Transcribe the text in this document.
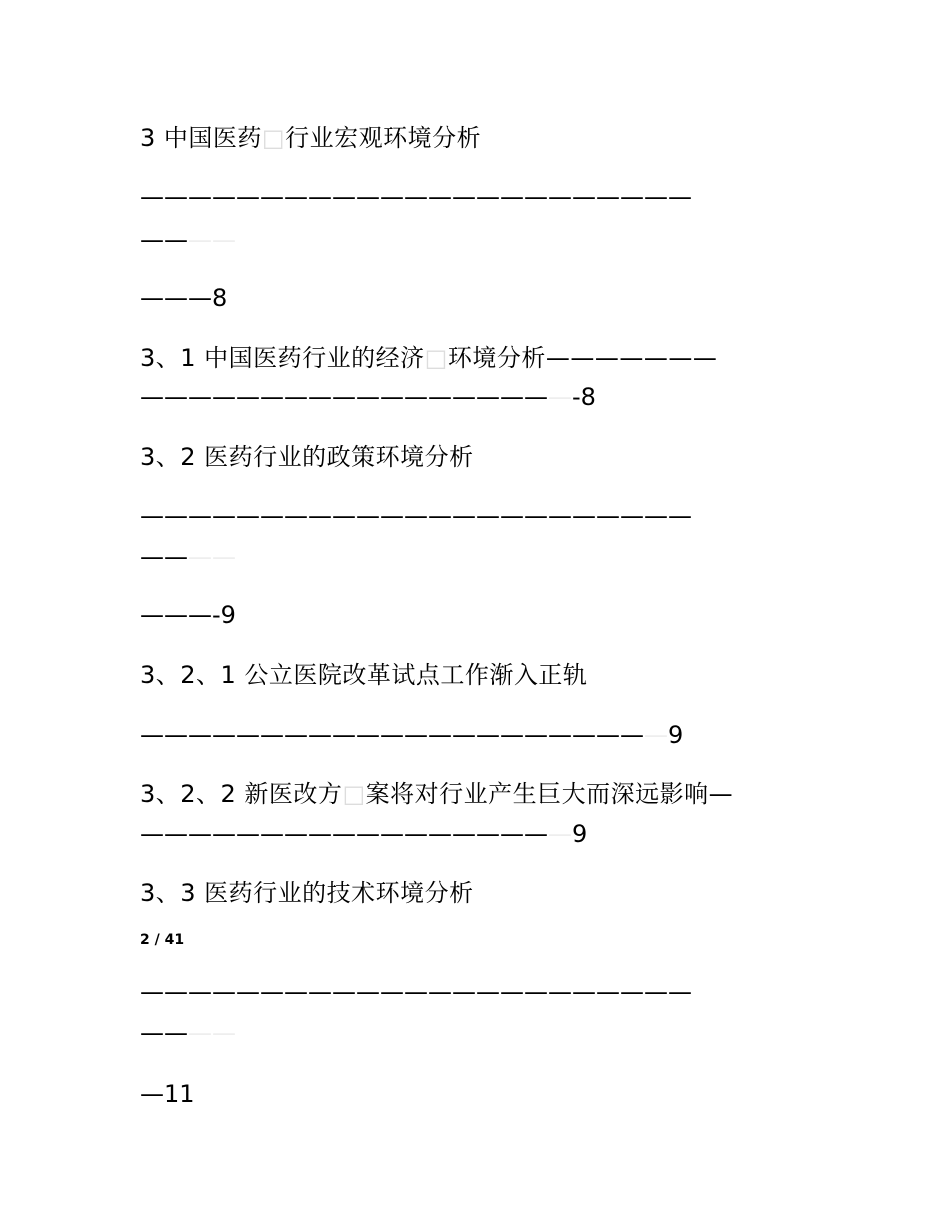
3 中国医药□行业宏观环境分析
———————————————————————
————
———8
3、1 中国医药行业的经济□环境分析———————
——————————————————-8
3、2 医药行业的政策环境分析
———————————————————————
————
———-9
3、2、1 公立医院改革试点工作渐入正轨
——————————————————————9
3、2、2 新医改方□案将对行业产生巨大而深远影响—
——————————————————9
3、3 医药行业的技术环境分析
2 / 41
———————————————————————
————
—11
